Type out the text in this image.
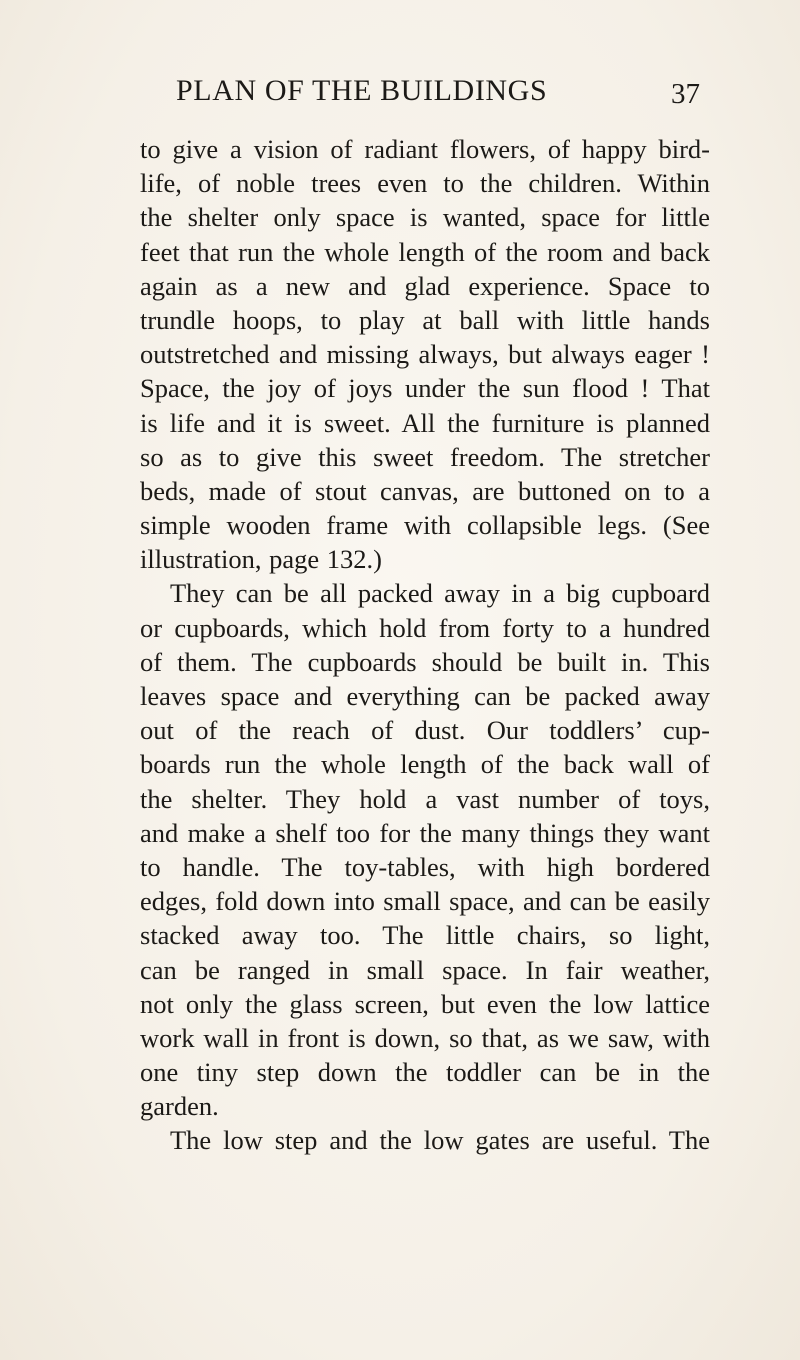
PLAN OF THE BUILDINGS	37
to give a vision of radiant flowers, of happy bird-
life, of noble trees even to the children. Within
the shelter only space is wanted, space for little
feet that run the whole length of the room and back
again as a new and glad experience. Space to
trundle hoops, to play at ball with little hands
outstretched and missing always, but always eager !
Space, the joy of joys under the sun flood ! That
is life and it is sweet. All the furniture is planned
so as to give this sweet freedom. The stretcher
beds, made of stout canvas, are buttoned on to a
simple wooden frame with collapsible legs. (See
illustration, page 132.)
They can be all packed away in a big cupboard
or cupboards, which hold from forty to a hundred
of them. The cupboards should be built in. This
leaves space and everything can be packed away
out of the reach of dust. Our toddlers’ cup-
boards run the whole length of the back wall of
the shelter. They hold a vast number of toys,
and make a shelf too for the many things they want
to handle. The toy-tables, with high bordered
edges, fold down into small space, and can be easily
stacked away too. The little chairs, so light,
can be ranged in small space. In fair weather,
not only the glass screen, but even the low lattice
work wall in front is down, so that, as we saw, with
one tiny step down the toddler can be in the
garden.
The low step and the low gates are useful. The
